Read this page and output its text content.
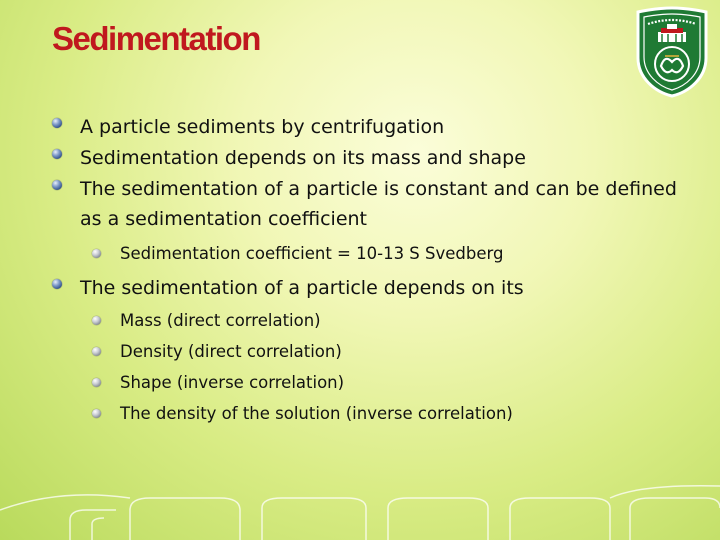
Sedimentation
A particle sediments by centrifugation
Sedimentation depends on its mass and shape
The sedimentation of a particle is constant and can be defined as a sedimentation coefficient
Sedimentation coefficient = 10-13 S Svedberg
The sedimentation of a particle depends on its
Mass (direct correlation)
Density (direct correlation)
Shape (inverse correlation)
The density of the solution (inverse correlation)
